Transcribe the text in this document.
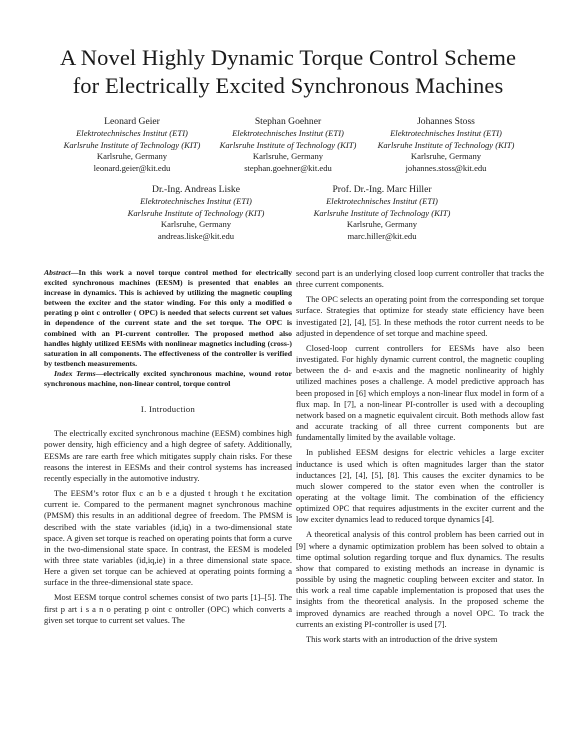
A Novel Highly Dynamic Torque Control Scheme
for Electrically Excited Synchronous Machines
Leonard Geier
Elektrotechnisches Institut (ETI)
Karlsruhe Institute of Technology (KIT)
Karlsruhe, Germany
leonard.geier@kit.edu
Stephan Goehner
Elektrotechnisches Institut (ETI)
Karlsruhe Institute of Technology (KIT)
Karlsruhe, Germany
stephan.goehner@kit.edu
Johannes Stoss
Elektrotechnisches Institut (ETI)
Karlsruhe Institute of Technology (KIT)
Karlsruhe, Germany
johannes.stoss@kit.edu
Dr.-Ing. Andreas Liske
Elektrotechnisches Institut (ETI)
Karlsruhe Institute of Technology (KIT)
Karlsruhe, Germany
andreas.liske@kit.edu
Prof. Dr.-Ing. Marc Hiller
Elektrotechnisches Institut (ETI)
Karlsruhe Institute of Technology (KIT)
Karlsruhe, Germany
marc.hiller@kit.edu
Abstract—In this work a novel torque control method for electrically excited synchronous machines (EESM) is presented that enables an increase in dynamics. This is achieved by utilizing the magnetic coupling between the exciter and the stator winding. For this only a modified o perating p oint c ontroller ( OPC) is needed that selects current set values in dependence of the current state and the set torque. The OPC is combined with an PI-current controller. The proposed method also handles highly utilized EESMs with nonlinear magnetics including (cross-) saturation in all components. The effectiveness of the controller is verified by testbench measurements.
Index Terms—electrically excited synchronous machine, wound rotor synchronous machine, non-linear control, torque control
I. Introduction

The electrically excited synchronous machine (EESM) combines high power density, high efficiency and a high degree of safety. Additionally, EESMs are rare earth free which mitigates supply chain risks. For these reasons the interest in EESMs and their control systems has increased recently especially in the automotive industry.

The EESM’s rotor flux c an b e a djusted t hrough t he excitation current ie. Compared to the permanent magnet synchronous machine (PMSM) this results in an additional degree of freedom. The PMSM is described with the state variables (id,iq) in a two-dimensional state space. A given set torque is reached on operating points that form a curve in the two-dimensional state space. In contrast, the EESM is modeled with three state variables (id,iq,ie) in a three dimensional state space. Here a given set torque can be achieved at operating points forming a surface in the three-dimensional state space.

Most EESM torque control schemes consist of two parts [1]–[5]. The first p art i s a n o perating p oint c ontroller (OPC) which converts a given set torque to current set values. The

second part is an underlying closed loop current controller that tracks the three current components.

The OPC selects an operating point from the corresponding set torque surface. Strategies that optimize for steady state efficiency have been investigated [2], [4], [5]. In these methods the rotor current needs to be adjusted in dependence of set torque and machine speed.

Closed-loop current controllers for EESMs have also been investigated. For highly dynamic current control, the magnetic coupling between the d- and e-axis and the magnetic nonlinearity of highly utilized machines poses a challenge. A model predictive approach has been proposed in [6] which employs a non-linear flux model in form of a flux map. In [7], a non-linear PI-controller is used with a decoupling network based on a magnetic equivalent circuit. Both methods allow fast and accurate tracking of all three current components but are fundamentally limited by the available voltage.

In published EESM designs for electric vehicles a large exciter inductance is used which is often magnitudes larger than the stator inductances [2], [4], [5], [8]. This causes the exciter dynamics to be much slower compered to the stator even when the controller is operating at the voltage limit. The combination of the efficiency optimized OPC that requires adjustments in the exciter current and the low exciter dynamics lead to reduced torque dynamics [4].

A theoretical analysis of this control problem has been carried out in [9] where a dynamic optimization problem has been solved to obtain a time optimal solution regarding torque and flux dynamics. The results show that compared to existing methods an increase in dynamic is possible by using the magnetic coupling between exciter and stator. In this work a real time capable implementation is proposed that uses the insights from the theoretical analysis. In the proposed scheme the improved dynamics are reached through a novel OPC. To track the currents an existing PI-controller is used [7].

This work starts with an introduction of the drive system
